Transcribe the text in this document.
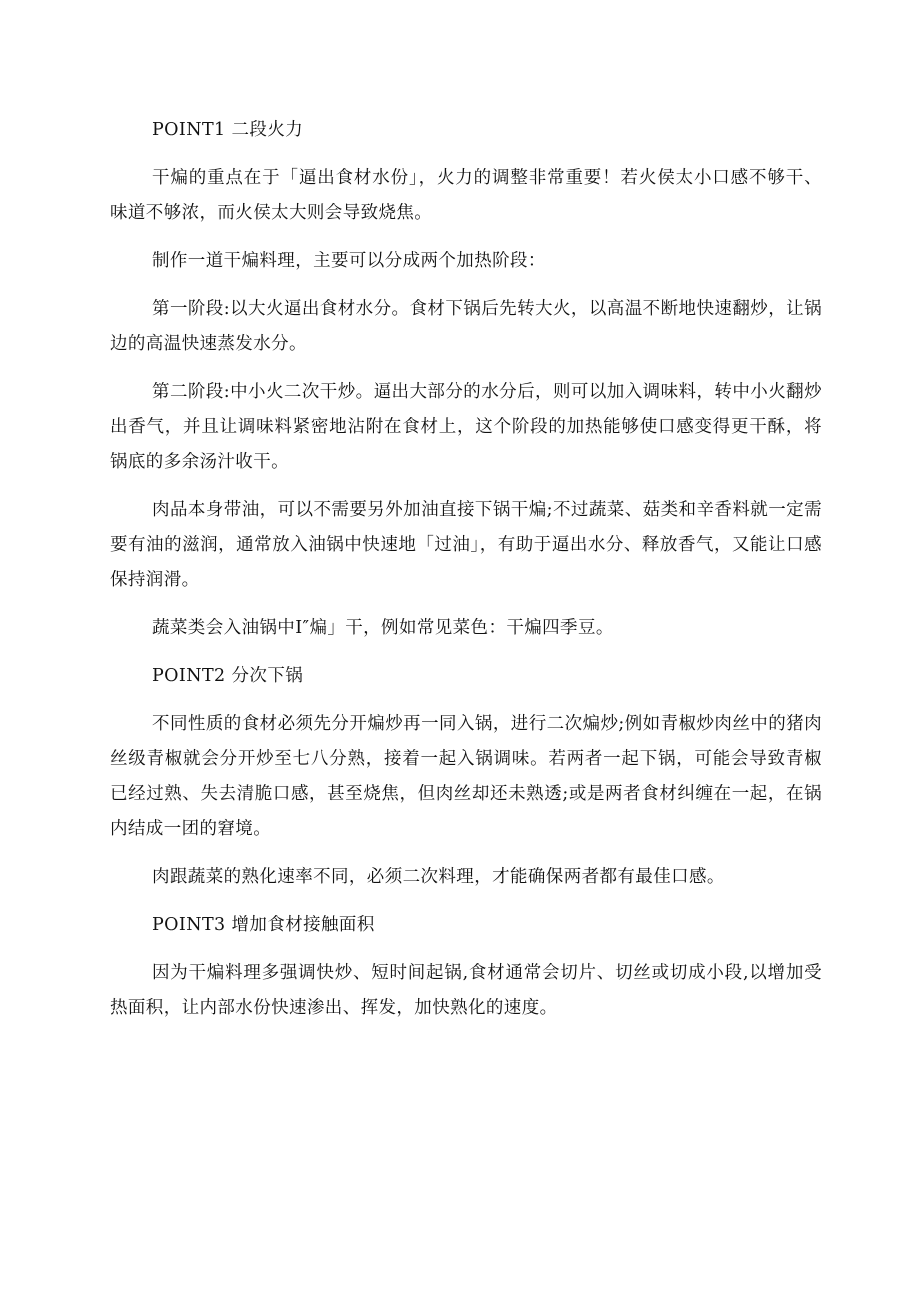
POINT1 二段火力

干煸的重点在于「逼出食材水份」，火力的调整非常重要！若火侯太小口感不够干、味道不够浓，而火侯太大则会导致烧焦。

制作一道干煸料理，主要可以分成两个加热阶段：

第一阶段:以大火逼出食材水分。食材下锅后先转大火，以高温不断地快速翻炒，让锅边的高温快速蒸发水分。

第二阶段:中小火二次干炒。逼出大部分的水分后，则可以加入调味料，转中小火翻炒出香气，并且让调味料紧密地沾附在食材上，这个阶段的加热能够使口感变得更干酥，将锅底的多余汤汁收干。

肉品本身带油，可以不需要另外加油直接下锅干煸;不过蔬菜、菇类和辛香料就一定需要有油的滋润，通常放入油锅中快速地「过油」，有助于逼出水分、释放香气，又能让口感保持润滑。

蔬菜类会入油锅中I″煸」干，例如常见菜色：干煸四季豆。

POINT2 分次下锅

不同性质的食材必须先分开煸炒再一同入锅，进行二次煸炒;例如青椒炒肉丝中的猪肉丝级青椒就会分开炒至七八分熟，接着一起入锅调味。若两者一起下锅，可能会导致青椒已经过熟、失去清脆口感，甚至烧焦，但肉丝却还未熟透;或是两者食材纠缠在一起，在锅内结成一团的窘境。

肉跟蔬菜的熟化速率不同，必须二次料理，才能确保两者都有最佳口感。

POINT3 增加食材接触面积

因为干煸料理多强调快炒、短时间起锅,食材通常会切片、切丝或切成小段,以增加受热面积，让内部水份快速渗出、挥发，加快熟化的速度。
